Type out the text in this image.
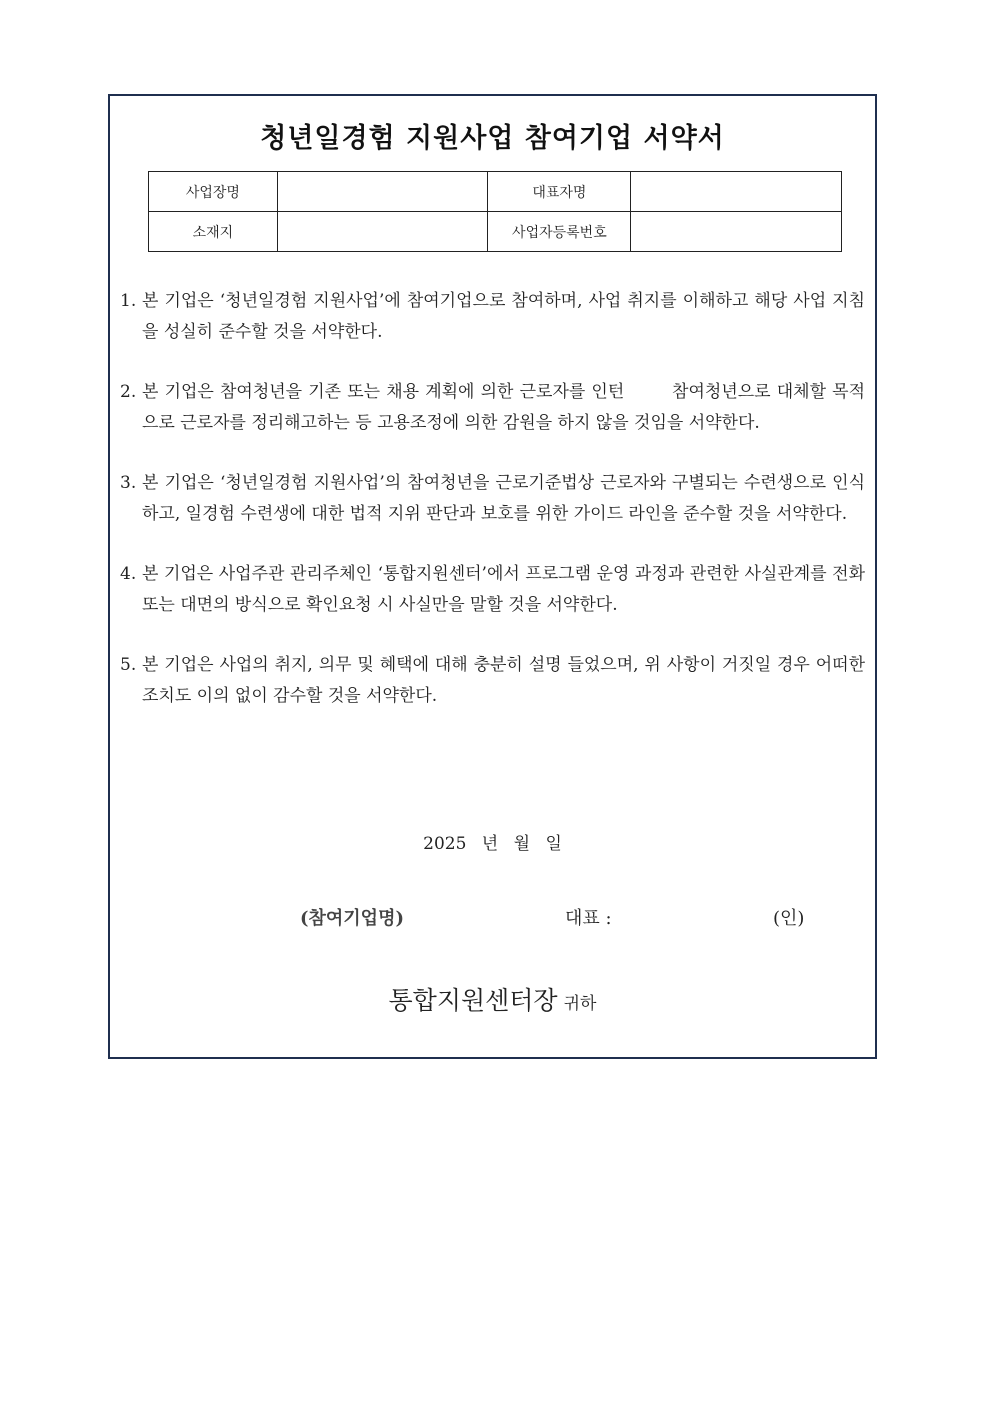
청년일경험 지원사업 참여기업 서약서
사업장명		대표자명	
소재지		사업자등록번호	
1. 본 기업은 ‘청년일경험 지원사업’에 참여기업으로 참여하며, 사업 취지를 이해하고 해당 사업 지침을 성실히 준수할 것을 서약한다.
2. 본 기업은 참여청년을 기존 또는 채용 계획에 의한 근로자를 인턴 　　 참여청년으로 대체할 목적으로 근로자를 정리해고하는 등 고용조정에 의한 감원을 하지 않을 것임을 서약한다.
3. 본 기업은 ‘청년일경험 지원사업’의 참여청년을 근로기준법상 근로자와 구별되는 수련생으로 인식하고, 일경험 수련생에 대한 법적 지위 판단과 보호를 위한 가이드 라인을 준수할 것을 서약한다.
4. 본 기업은 사업주관 관리주체인 ‘통합지원센터’에서 프로그램 운영 과정과 관련한 사실관계를 전화 또는 대면의 방식으로 확인요청 시 사실만을 말할 것을 서약한다.
5. 본 기업은 사업의 취지, 의무 및 혜택에 대해 충분히 설명 들었으며, 위 사항이 거짓일 경우 어떠한 조치도 이의 없이 감수할 것을 서약한다.
2025 년 월 일
(참여기업명)	대표 :	(인)
통합지원센터장 귀하
